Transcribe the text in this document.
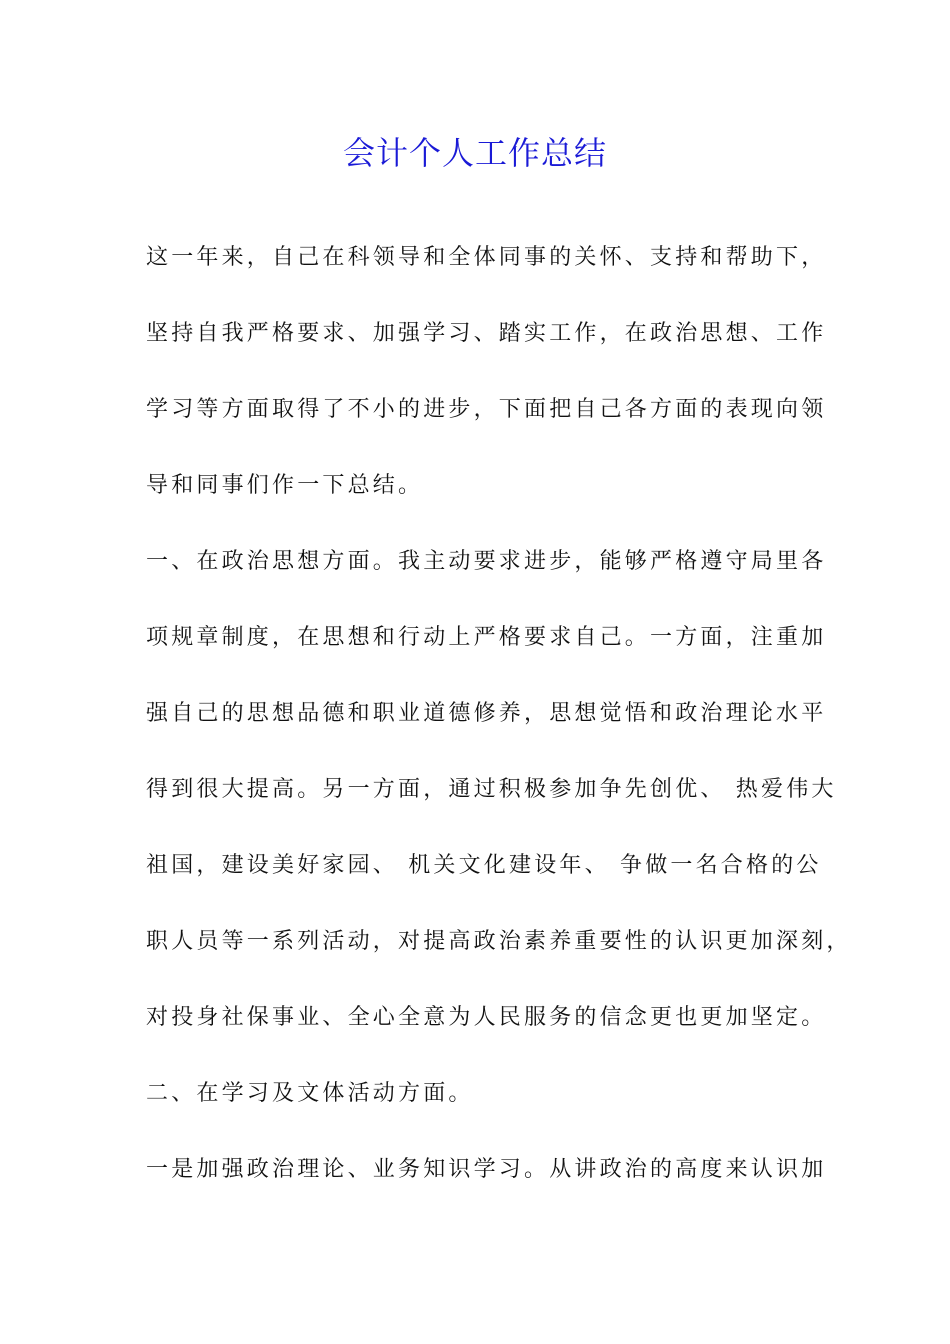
会计个人工作总结
这一年来，自己在科领导和全体同事的关怀、支持和帮助下，
坚持自我严格要求、加强学习、踏实工作，在政治思想、工作
学习等方面取得了不小的进步，下面把自己各方面的表现向领
导和同事们作一下总结。
一、在政治思想方面。我主动要求进步，能够严格遵守局里各
项规章制度，在思想和行动上严格要求自己。一方面，注重加
强自己的思想品德和职业道德修养，思想觉悟和政治理论水平
得到很大提高。另一方面，通过积极参加争先创优、 热爱伟大
祖国，建设美好家园、 机关文化建设年、 争做一名合格的公
职人员等一系列活动，对提高政治素养重要性的认识更加深刻，
对投身社保事业、全心全意为人民服务的信念更也更加坚定。
二、在学习及文体活动方面。
一是加强政治理论、业务知识学习。从讲政治的高度来认识加
